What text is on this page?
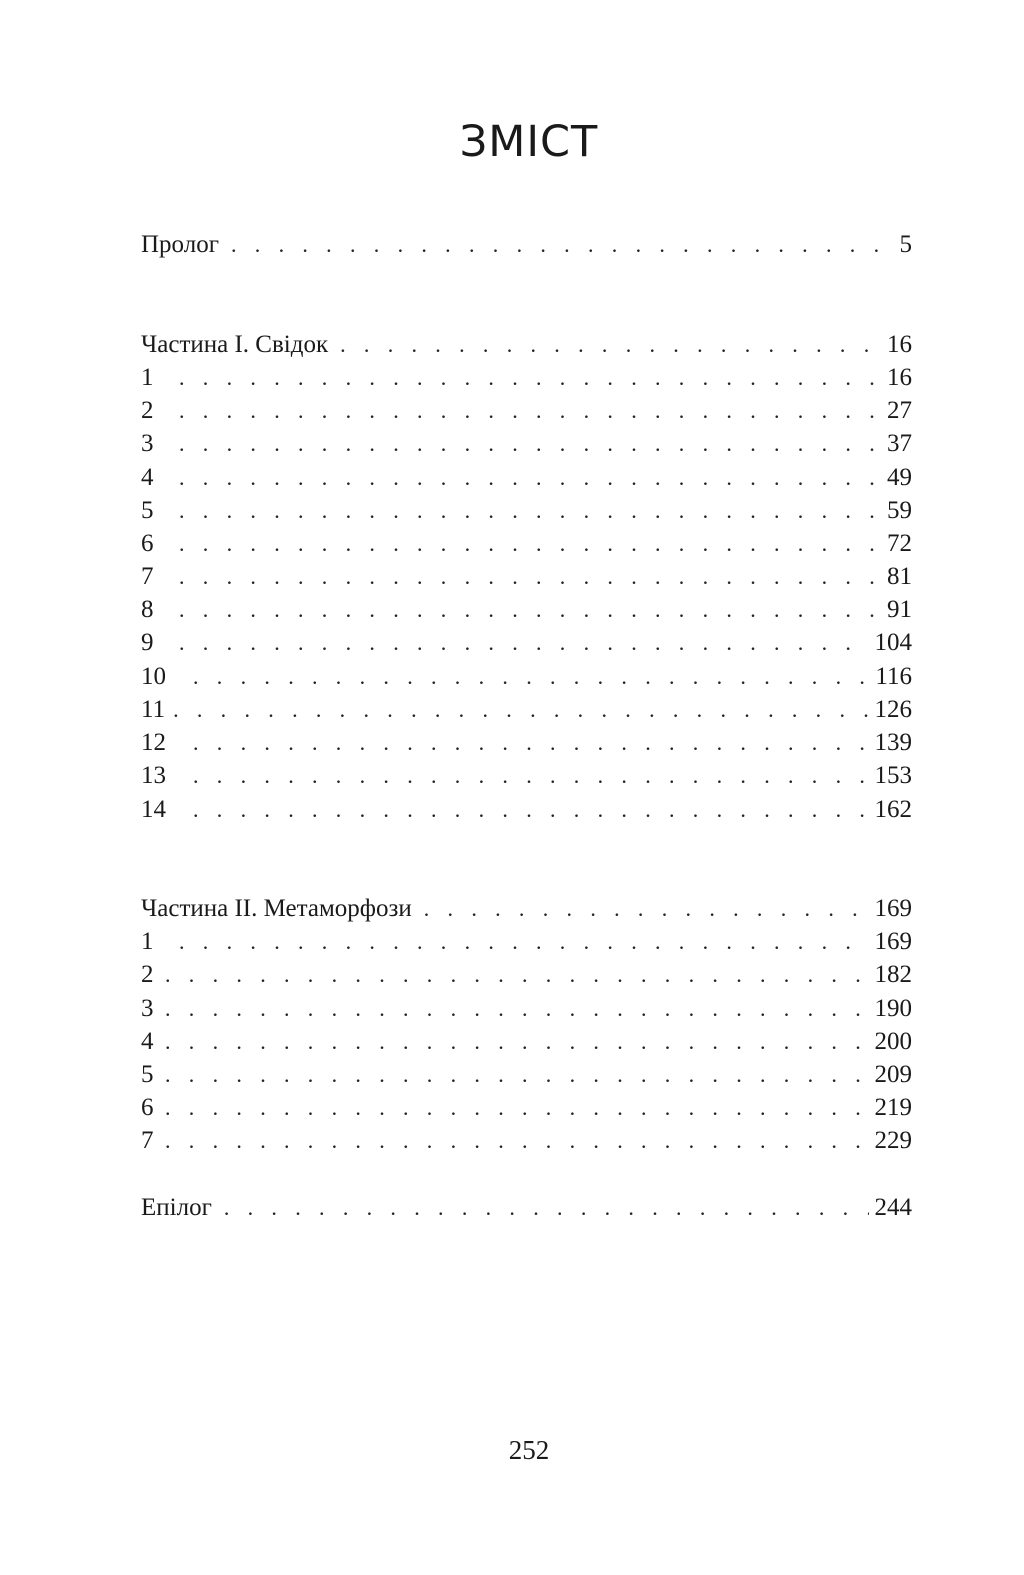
ЗМІСТ
Пролог . . .	5
Частина І. Свідок . . .	16
1 . . .	16
2 . . .	27
3 . . .	37
4 . . .	49
5 . . .	59
6 . . .	72
7 . . .	81
8 . . .	91
9 . . .	104
10 . . .	116
11 . . .	126
12 . . .	139
13 . . .	153
14 . . .	162
Частина ІІ. Метаморфози . . .	169
1 . . .	169
2 . . .	182
3 . . .	190
4 . . .	200
5 . . .	209
6 . . .	219
7 . . .	229
Епілог . . .	244
252
